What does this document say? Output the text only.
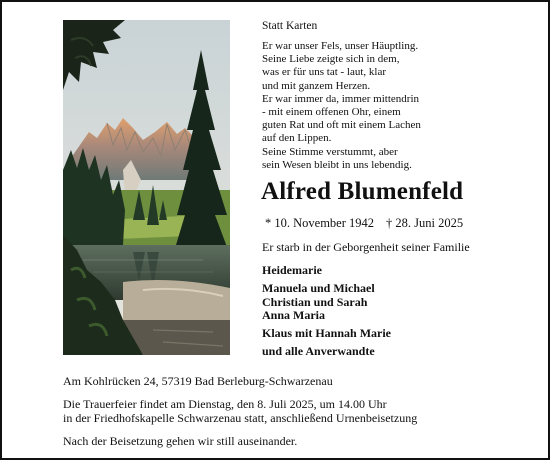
Statt Karten
Er war unser Fels, unser Häuptling.
Seine Liebe zeigte sich in dem,
was er für uns tat - laut, klar
und mit ganzem Herzen.
Er war immer da, immer mittendrin
- mit einem offenen Ohr, einem
guten Rat und oft mit einem Lachen
auf den Lippen.
Seine Stimme verstummt, aber
sein Wesen bleibt in uns lebendig.
Alfred Blumenfeld
* 10. November 1942 † 28. Juni 2025
Er starb in der Geborgenheit seiner Familie
Heidemarie
Manuela und Michael
Christian und Sarah
Anna Maria
Klaus mit Hannah Marie
und alle Anverwandte
Am Kohlrücken 24, 57319 Bad Berleburg-Schwarzenau
Die Trauerfeier findet am Dienstag, den 8. Juli 2025, um 14.00 Uhr
in der Friedhofskapelle Schwarzenau statt, anschließend Urnenbeisetzung
Nach der Beisetzung gehen wir still auseinander.
